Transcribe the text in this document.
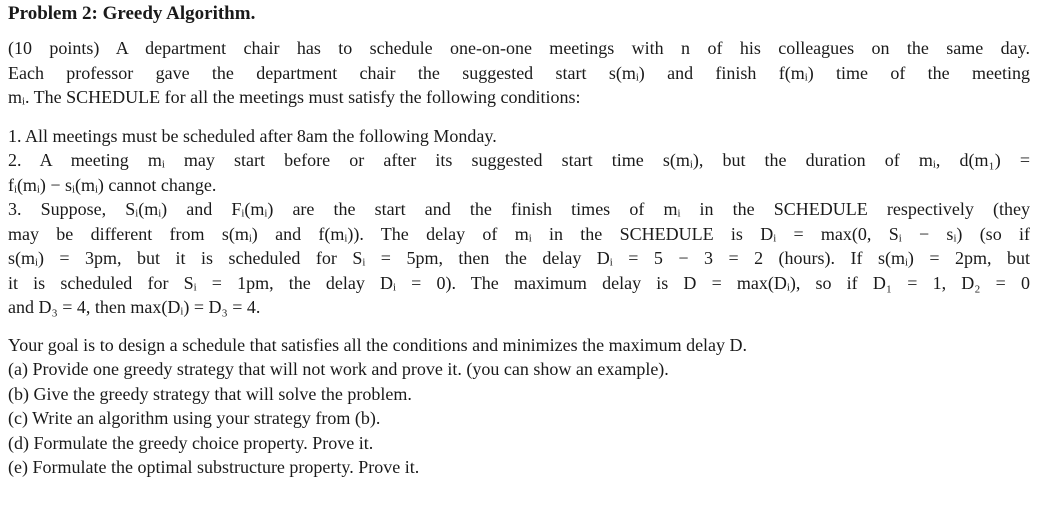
Problem 2: Greedy Algorithm.
(10 points) A department chair has to schedule one-on-one meetings with n of his colleagues on the same day.
Each professor gave the department chair the suggested start s(mᵢ) and finish f(mᵢ) time of the meeting
mᵢ. The SCHEDULE for all the meetings must satisfy the following conditions:
1. All meetings must be scheduled after 8am the following Monday.
2. A meeting mᵢ may start before or after its suggested start time s(mᵢ), but the duration of mᵢ, d(m₁) =
fᵢ(mᵢ) − sᵢ(mᵢ) cannot change.
3. Suppose, Sᵢ(mᵢ) and Fᵢ(mᵢ) are the start and the finish times of mᵢ in the SCHEDULE respectively (they
may be different from s(mᵢ) and f(mᵢ)). The delay of mᵢ in the SCHEDULE is Dᵢ = max(0, Sᵢ − sᵢ) (so if
s(mᵢ) = 3pm, but it is scheduled for Sᵢ = 5pm, then the delay Dᵢ = 5 − 3 = 2 (hours). If s(mᵢ) = 2pm, but
it is scheduled for Sᵢ = 1pm, the delay Dᵢ = 0). The maximum delay is D = max(Dᵢ), so if D₁ = 1, D₂ = 0
and D₃ = 4, then max(Dᵢ) = D₃ = 4.
Your goal is to design a schedule that satisfies all the conditions and minimizes the maximum delay D.
(a) Provide one greedy strategy that will not work and prove it. (you can show an example).
(b) Give the greedy strategy that will solve the problem.
(c) Write an algorithm using your strategy from (b).
(d) Formulate the greedy choice property. Prove it.
(e) Formulate the optimal substructure property. Prove it.
